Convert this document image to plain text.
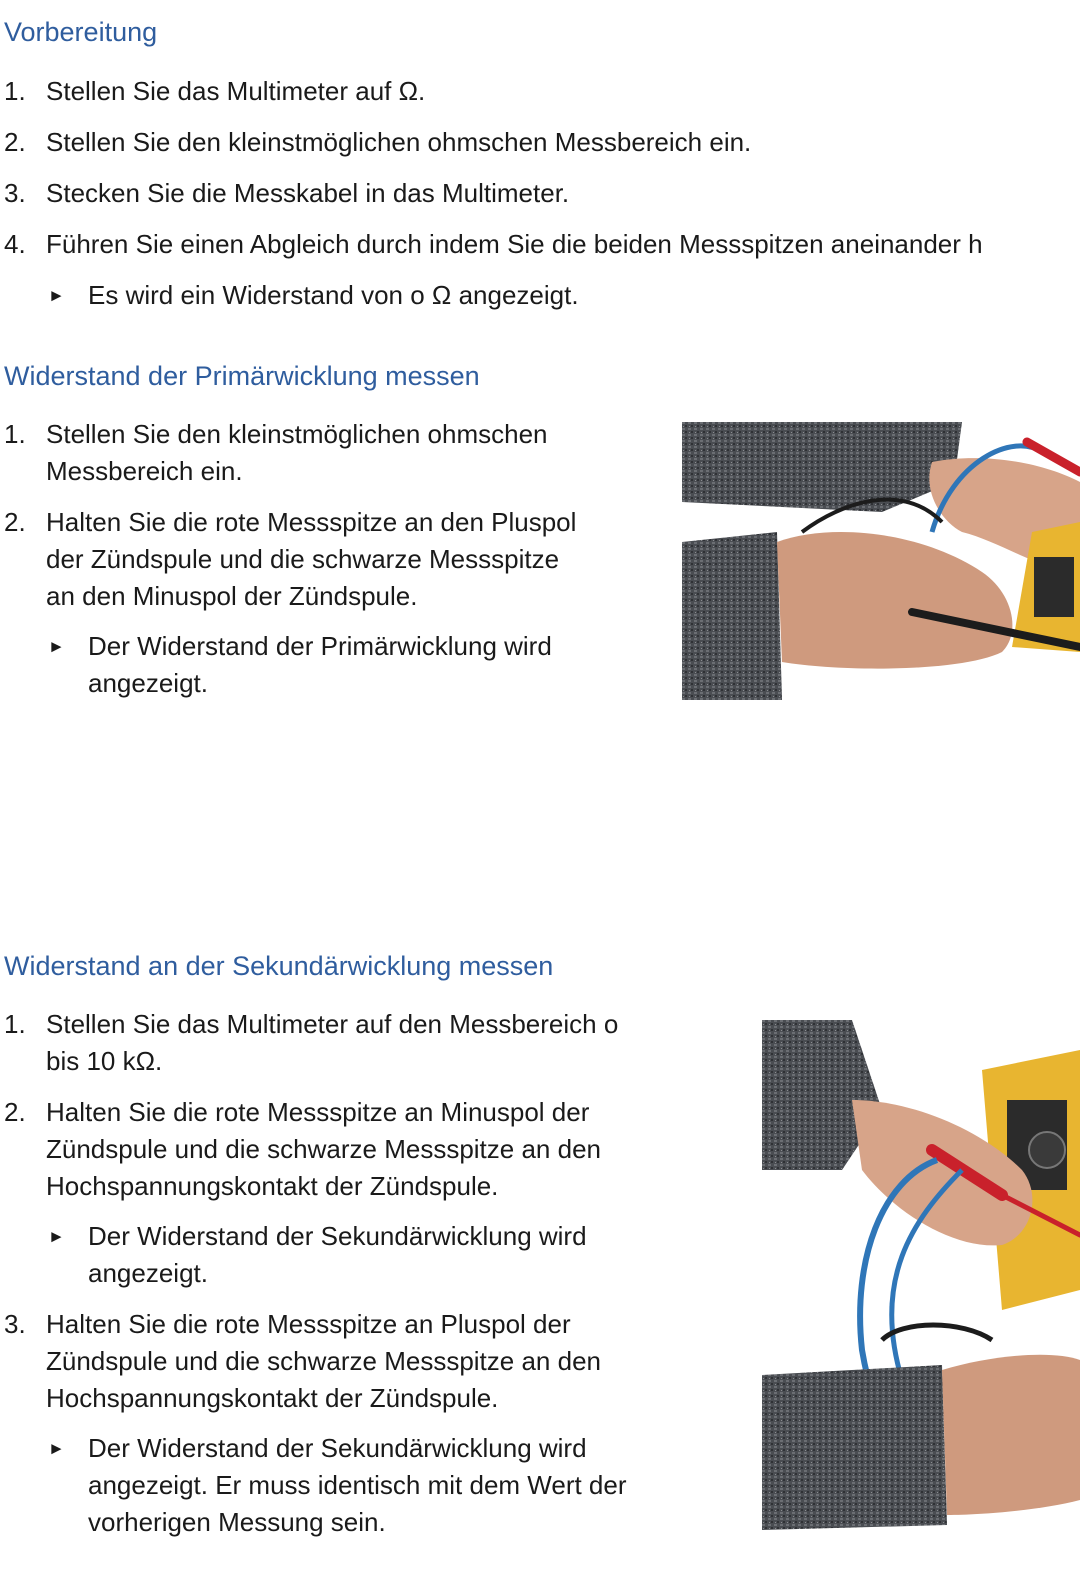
Vorbereitung
1. Stellen Sie das Multimeter auf Ω.
2. Stellen Sie den kleinstmöglichen ohmschen Messbereich ein.
3. Stecken Sie die Messkabel in das Multimeter.
4. Führen Sie einen Abgleich durch indem Sie die beiden Messspitzen aneinander h
► Es wird ein Widerstand von o Ω angezeigt.
Widerstand der Primärwicklung messen
1. Stellen Sie den kleinstmöglichen ohmschen
Messbereich ein.
2. Halten Sie die rote Messspitze an den Pluspol
der Zündspule und die schwarze Messspitze
an den Minuspol der Zündspule.
► Der Widerstand der Primärwicklung wird
angezeigt.
Widerstand an der Sekundärwicklung messen
1. Stellen Sie das Multimeter auf den Messbereich o
bis 10 kΩ.
2. Halten Sie die rote Messspitze an Minuspol der
Zündspule und die schwarze Messspitze an den
Hochspannungskontakt der Zündspule.
► Der Widerstand der Sekundärwicklung wird
angezeigt.
3. Halten Sie die rote Messspitze an Pluspol der
Zündspule und die schwarze Messspitze an den
Hochspannungskontakt der Zündspule.
► Der Widerstand der Sekundärwicklung wird
angezeigt. Er muss identisch mit dem Wert der
vorherigen Messung sein.
